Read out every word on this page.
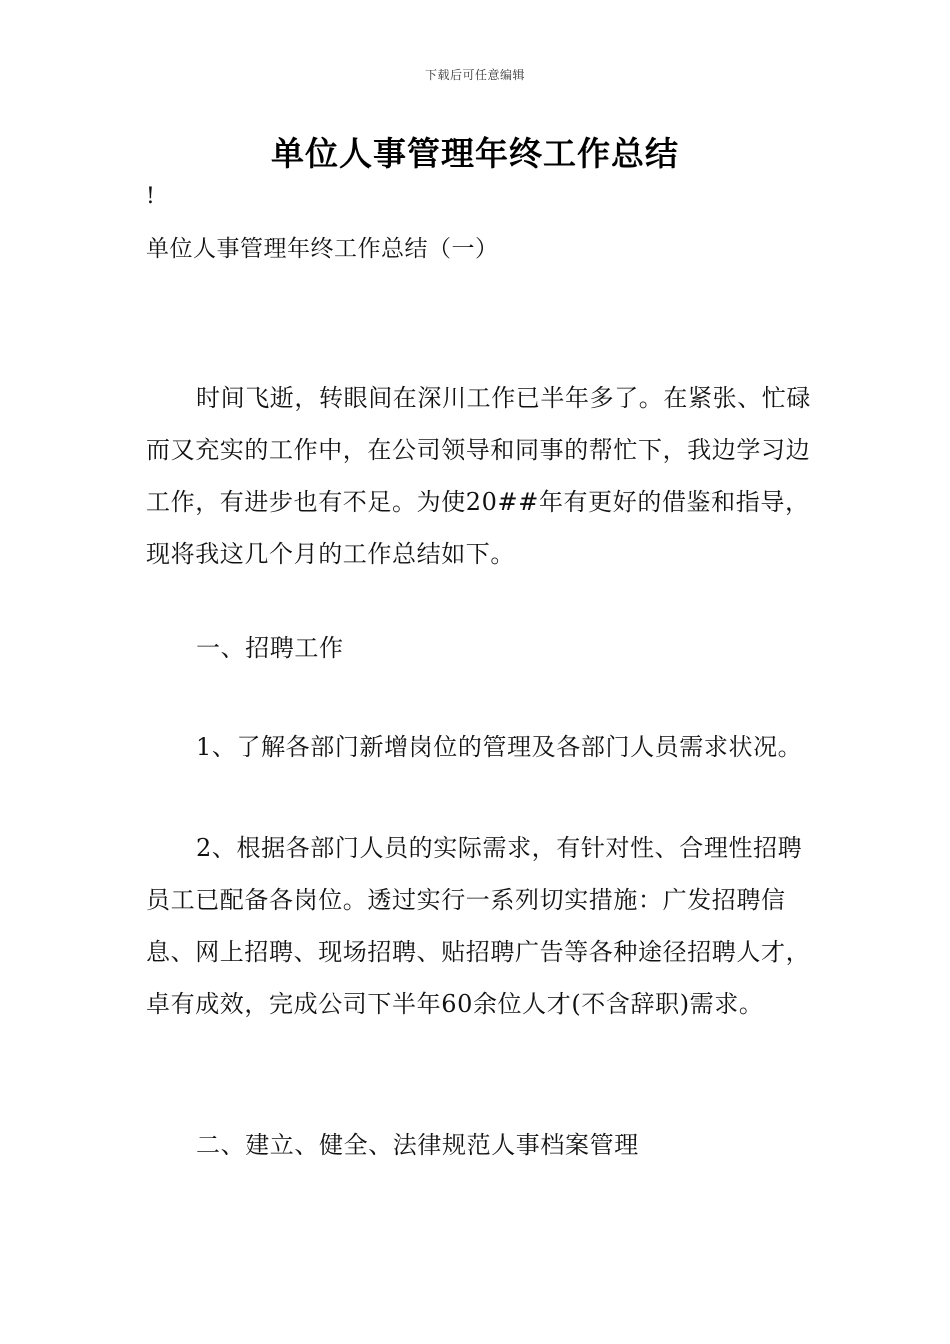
下载后可任意编辑
单位人事管理年终工作总结
!
单位人事管理年终工作总结（一）

时间飞逝，转眼间在深川工作已半年多了。在紧张、忙碌而又充实的工作中，在公司领导和同事的帮忙下，我边学习边工作，有进步也有不足。为使20##年有更好的借鉴和指导，现将我这几个月的工作总结如下。

一、招聘工作

1、了解各部门新增岗位的管理及各部门人员需求状况。

2、根据各部门人员的实际需求，有针对性、合理性招聘员工已配备各岗位。透过实行一系列切实措施：广发招聘信息、网上招聘、现场招聘、贴招聘广告等各种途径招聘人才，卓有成效，完成公司下半年60余位人才(不含辞职)需求。

二、建立、健全、法律规范人事档案管理
